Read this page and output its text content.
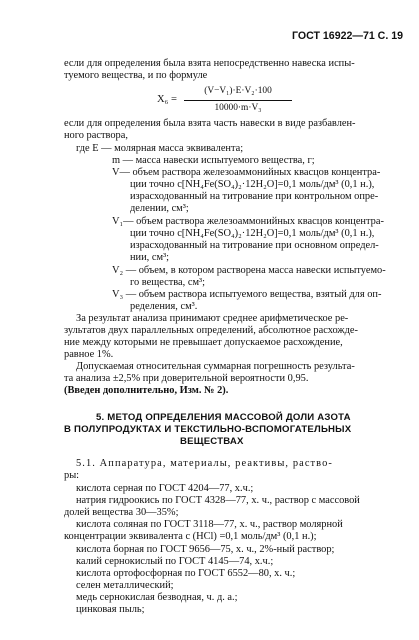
ГОСТ 16922—71 С. 19
если для определения была взята непосредственно навеска испы-
туемого вещества, и по формуле
X₆ =
(V−V₁)·E·V₂·100
10000·m·V₃
если для определения была взята часть навески в виде разбавлен-
ного раствора,
где E — молярная масса эквивалента;
m — масса навески испытуемого вещества, г;
V— объем раствора железоаммонийных квасцов концентра-
ции точно c[NH₄Fe(SO₄)₂·12H₂O]=0,1 моль/дм³ (0,1 н.),
израсходованный на титрование при контрольном опре-
делении, см³;
V₁— объем раствора железоаммонийных квасцов концентра-
ции точно c[NH₄Fe(SO₄)₂·12H₂O]=0,1 моль/дм³ (0,1 н.),
израсходованный на титрование при основном определ-
нии, см³;
V₂ — объем, в котором растворена масса навески испытуемо-
го вещества, см³;
V₃ — объем раствора испытуемого вещества, взятый для оп-
ределения, см³.
За результат анализа принимают среднее арифметическое ре-
зультатов двух параллельных определений, абсолютное расхожде-
ние между которыми не превышает допускаемое расхождение,
равное 1%.
Допускаемая относительная суммарная погрешность результа-
та анализа ±2,5% при доверительной вероятности 0,95.
(Введен дополнительно, Изм. № 2).
5. МЕТОД ОПРЕДЕЛЕНИЯ МАССОВОЙ ДОЛИ АЗОТА
В ПОЛУПРОДУКТАХ И ТЕКСТИЛЬНО-ВСПОМОГАТЕЛЬНЫХ
ВЕЩЕСТВАХ
5.1. Аппаратура, материалы, реактивы, раство-
ры:
кислота серная по ГОСТ 4204—77, х.ч.;
натрия гидроокись по ГОСТ 4328—77, х. ч., раствор с массовой
долей вещества 30—35%;
кислота соляная по ГОСТ 3118—77, х. ч., раствор молярной
концентрации эквивалента c (HCl) =0,1 моль/дм³ (0,1 н.);
кислота борная по ГОСТ 9656—75, х. ч., 2%-ный раствор;
калий сернокислый по ГОСТ 4145—74, х.ч.;
кислота ортофосфорная по ГОСТ 6552—80, х. ч.;
селен металлический;
медь сернокислая безводная, ч. д. а.;
цинковая пыль;
